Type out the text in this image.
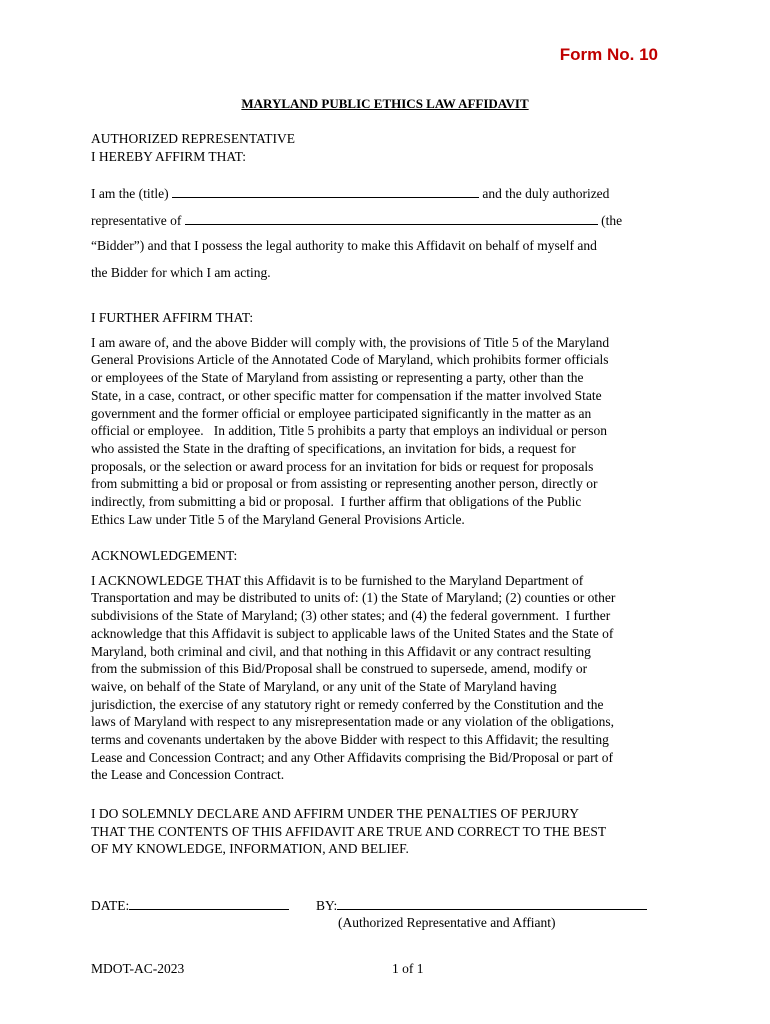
Form No. 10
MARYLAND PUBLIC ETHICS LAW AFFIDAVIT

AUTHORIZED REPRESENTATIVE

I HEREBY AFFIRM THAT:

I am the (title)	and the duly authorized

representative of	(the

“Bidder”) and that I possess the legal authority to make this Affidavit on behalf of myself and

the Bidder for which I am acting.

I FURTHER AFFIRM THAT:

I am aware of, and the above Bidder will comply with, the provisions of Title 5 of the Maryland

General Provisions Article of the Annotated Code of Maryland, which prohibits former officials

or employees of the State of Maryland from assisting or representing a party, other than the

State, in a case, contract, or other specific matter for compensation if the matter involved State

government and the former official or employee participated significantly in the matter as an

official or employee.   In addition, Title 5 prohibits a party that employs an individual or person

who assisted the State in the drafting of specifications, an invitation for bids, a request for

proposals, or the selection or award process for an invitation for bids or request for proposals

from submitting a bid or proposal or from assisting or representing another person, directly or

indirectly, from submitting a bid or proposal.  I further affirm that obligations of the Public

Ethics Law under Title 5 of the Maryland General Provisions Article.

ACKNOWLEDGEMENT:

I ACKNOWLEDGE THAT this Affidavit is to be furnished to the Maryland Department of

Transportation and may be distributed to units of: (1) the State of Maryland; (2) counties or other

subdivisions of the State of Maryland; (3) other states; and (4) the federal government.  I further

acknowledge that this Affidavit is subject to applicable laws of the United States and the State of

Maryland, both criminal and civil, and that nothing in this Affidavit or any contract resulting

from the submission of this Bid/Proposal shall be construed to supersede, amend, modify or

waive, on behalf of the State of Maryland, or any unit of the State of Maryland having

jurisdiction, the exercise of any statutory right or remedy conferred by the Constitution and the

laws of Maryland with respect to any misrepresentation made or any violation of the obligations,

terms and covenants undertaken by the above Bidder with respect to this Affidavit; the resulting

Lease and Concession Contract; and any Other Affidavits comprising the Bid/Proposal or part of

the Lease and Concession Contract.

I DO SOLEMNLY DECLARE AND AFFIRM UNDER THE PENALTIES OF PERJURY

THAT THE CONTENTS OF THIS AFFIDAVIT ARE TRUE AND CORRECT TO THE BEST

OF MY KNOWLEDGE, INFORMATION, AND BELIEF.

DATE:	BY:
(Authorized Representative and Affiant)
MDOT-AC-2023	1 of 1
